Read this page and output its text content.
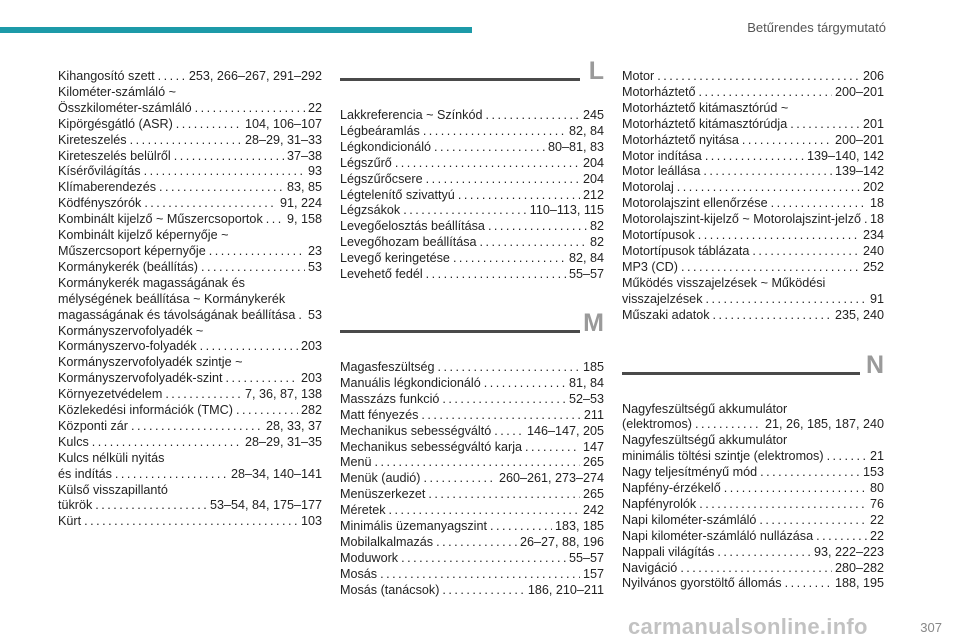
Betűrendes tárgymutató
Kihangosító szett . . .	253, 266–267, 291–292
Kilométer-számláló ~
Összkilométer-számláló . . .	22
Kipörgésgátló (ASR) . . .	104, 106–107
Kireteszelés . . .	28–29, 31–33
Kireteszelés belülről . . .	37–38
Kísérővilágítás . . .	93
Klímaberendezés . . .	83, 85
Ködfényszórók . . .	91, 224
Kombinált kijelző ~ Műszercsoportok . . . 9, 158
Kombinált kijelző képernyője ~
Műszercsoport képernyője . . .	23
Kormánykerék (beállítás) . . .	53
Kormánykerék magasságának és
mélységének beállítása ~ Kormánykerék
magasságának és távolságának beállítása . . . 53
Kormányszervofolyadék ~
Kormányszervo-folyadék . . .	203
Kormányszervofolyadék szintje ~
Kormányszervofolyadék-szint . . .	203
Környezetvédelem . . .	7, 36, 87, 138
Közlekedési információk (TMC) . . .	282
Központi zár . . .	28, 33, 37
Kulcs . . .	28–29, 31–35
Kulcs nélküli nyitás
és indítás . . .	28–34, 140–141
Külső visszapillantó
tükrök . . .	53–54, 84, 175–177
Kürt . . .	103
L
Lakkreferencia ~ Színkód . . .	245
Légbeáramlás . . .	82, 84
Légkondicionáló . . .	80–81, 83
Légszűrő . . .	204
Légszűrőcsere . . .	204
Légtelenítő szivattyú . . .	212
Légzsákok . . .	110–113, 115
Levegőelosztás beállítása . . .	82
Levegőhozam beállítása . . .	82
Levegő keringetése . . .	82, 84
Levehető fedél . . .	55–57
M
Magasfeszültség . . .	185
Manuális légkondicionáló . . .	81, 84
Masszázs funkció . . .	52–53
Matt fényezés . . .	211
Mechanikus sebességváltó . . .	146–147, 205
Mechanikus sebességváltó karja . . .	147
Menü . . .	265
Menük (audió) . . .	260–261, 273–274
Menüszerkezet . . .	265
Méretek . . .	242
Minimális üzemanyagszint . . .	183, 185
Mobilalkalmazás . . .	26–27, 88, 196
Moduwork . . .	55–57
Mosás . . .	157
Mosás (tanácsok) . . .	186, 210–211
Motor . . .	206
Motorháztető . . .	200–201
Motorháztető kitámasztórúd ~
Motorháztető kitámasztórúdja . . .	201
Motorháztető nyitása . . .	200–201
Motor indítása . . .	139–140, 142
Motor leállása . . .	139–142
Motorolaj . . .	202
Motorolajszint ellenőrzése . . .	18
Motorolajszint-kijelző ~ Motorolajszint-jelző . . . 18
Motortípusok . . .	234
Motortípusok táblázata . . .	240
MP3 (CD) . . .	252
Működés visszajelzések ~ Működési
visszajelzések . . .	91
Műszaki adatok . . .	235, 240
N
Nagyfeszültségű akkumulátor
(elektromos) . . .	21, 26, 185, 187, 240
Nagyfeszültségű akkumulátor
minimális töltési szintje (elektromos) . . .	21
Nagy teljesítményű mód . . .	153
Napfény-érzékelő . . .	80
Napfényrolók . . .	76
Napi kilométer-számláló . . .	22
Napi kilométer-számláló nullázása . . .	22
Nappali világítás . . .	93, 222–223
Navigáció . . .	280–282
Nyilvános gyorstöltő állomás . . .	188, 195
carmanualsonline.info	307
